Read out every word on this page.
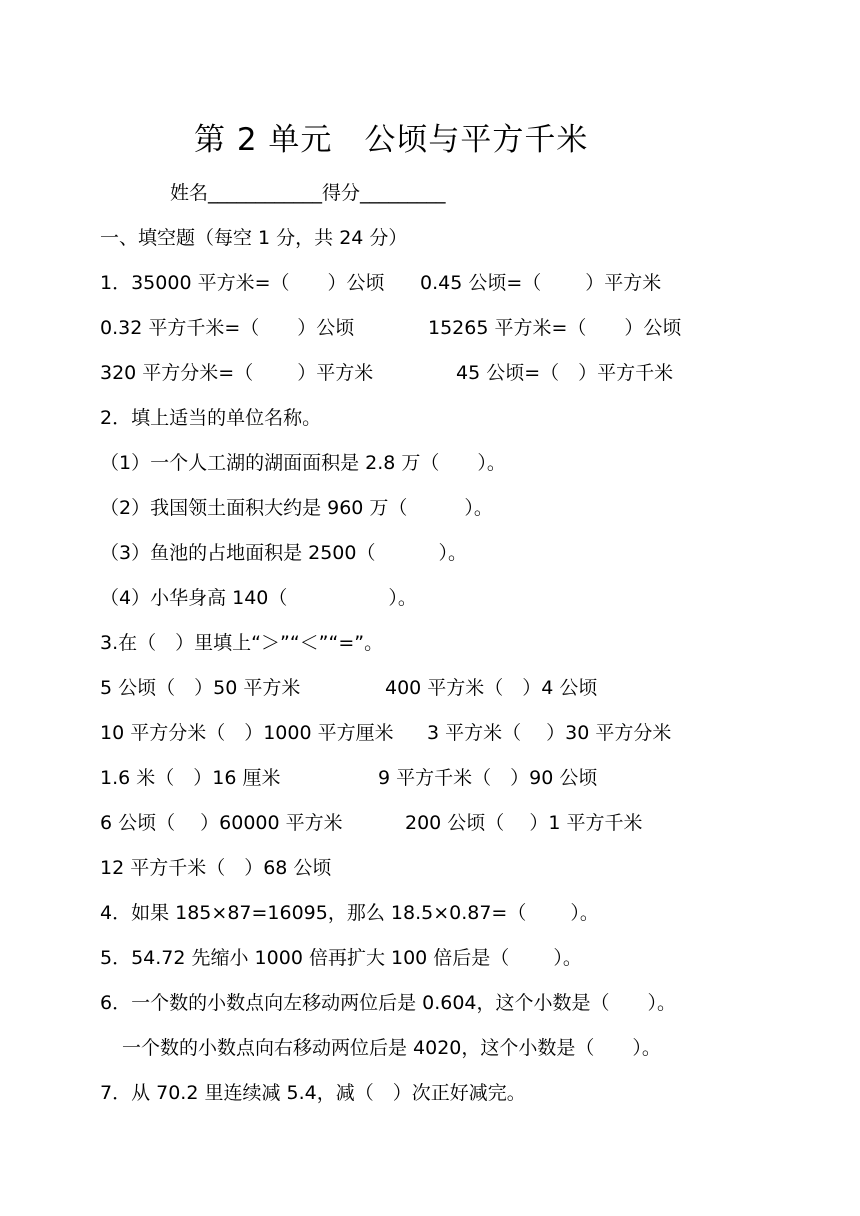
第 2 单元　公顷与平方千米
姓名____________得分_________
一、填空题（每空 1 分，共 24 分）
1．35000 平方米=（　　）公顷 0.45 公顷=（　　 ）平方米
0.32 平方千米=（　　）公顷	15265 平方米=（　　）公顷
320 平方分米=（　　 ）平方米	45 公顷=（　）平方千米
2．填上适当的单位名称。
（1）一个人工湖的湖面面积是 2.8 万（　　）。
（2）我国领土面积大约是 960 万（　　　）。
（3）鱼池的占地面积是 2500（　　　 ）。
（4）小华身高 140（　　　　　 ）。
3.在（　）里填上“＞”“＜”“=”。
5 公顷（　）50 平方米	400 平方米（　）4 公顷
10 平方分米（　）1000 平方厘米 3 平方米（　 ）30 平方分米
1.6 米（　）16 厘米	9 平方千米（　）90 公顷
6 公顷（　 ）60000 平方米	200 公顷（　 ）1 平方千米
12 平方千米（　）68 公顷
4．如果 185×87=16095，那么 18.5×0.87=（　　 ）。
5．54.72 先缩小 1000 倍再扩大 100 倍后是（　　 ）。
6．一个数的小数点向左移动两位后是 0.604，这个小数是（　　）。
一个数的小数点向右移动两位后是 4020，这个小数是（　　）。
7．从 70.2 里连续减 5.4，减（　）次正好减完。
